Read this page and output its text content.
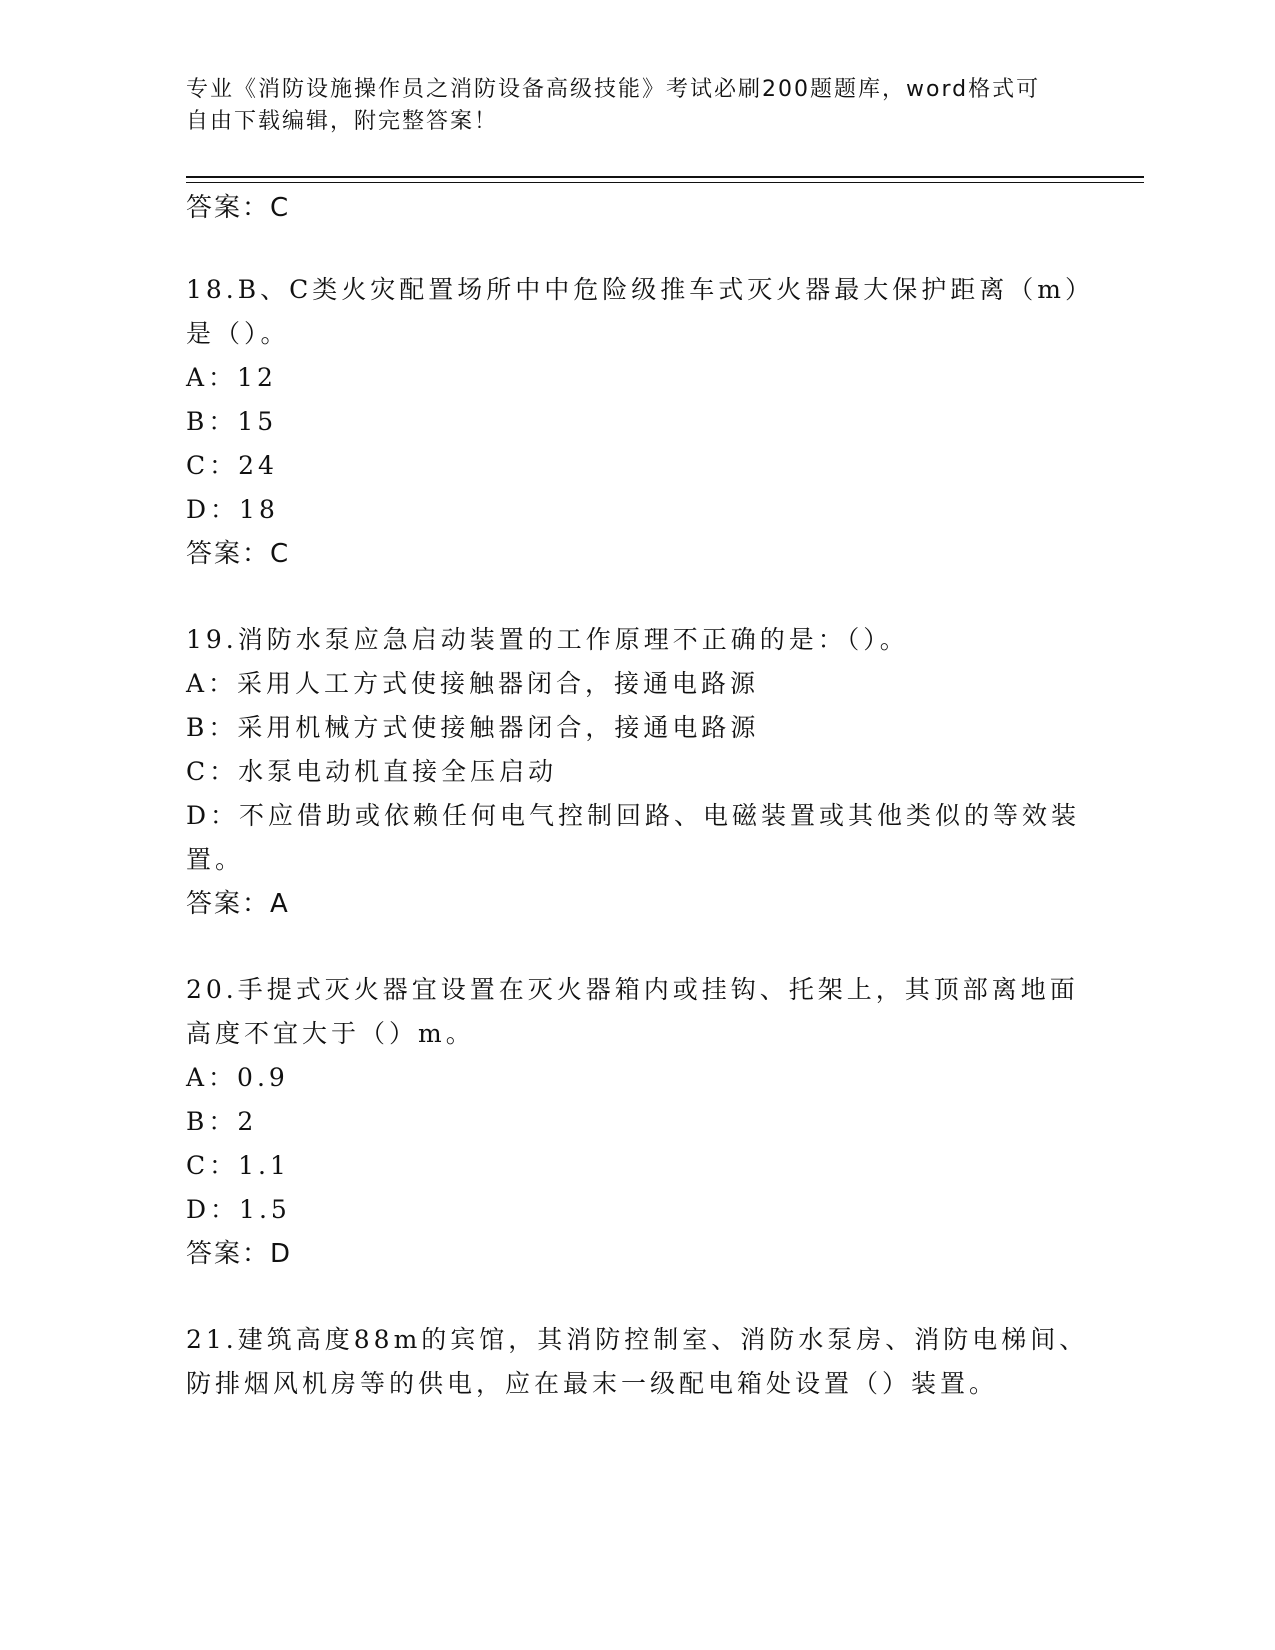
专业《消防设施操作员之消防设备高级技能》考试必刷200题题库，word格式可
自由下载编辑，附完整答案！
答案：C
18.B、C类火灾配置场所中中危险级推车式灭火器最大保护距离（m）
是（）。
A：12
B：15
C：24
D：18
答案：C
19.消防水泵应急启动装置的工作原理不正确的是：（）。
A：采用人工方式使接触器闭合，接通电路源
B：采用机械方式使接触器闭合，接通电路源
C：水泵电动机直接全压启动
D：不应借助或依赖任何电气控制回路、电磁装置或其他类似的等效装
置。
答案：A
20.手提式灭火器宜设置在灭火器箱内或挂钩、托架上，其顶部离地面
高度不宜大于（）m。
A：0.9
B：2
C：1.1
D：1.5
答案：D
21.建筑高度88m的宾馆，其消防控制室、消防水泵房、消防电梯间、
防排烟风机房等的供电，应在最末一级配电箱处设置（）装置。
